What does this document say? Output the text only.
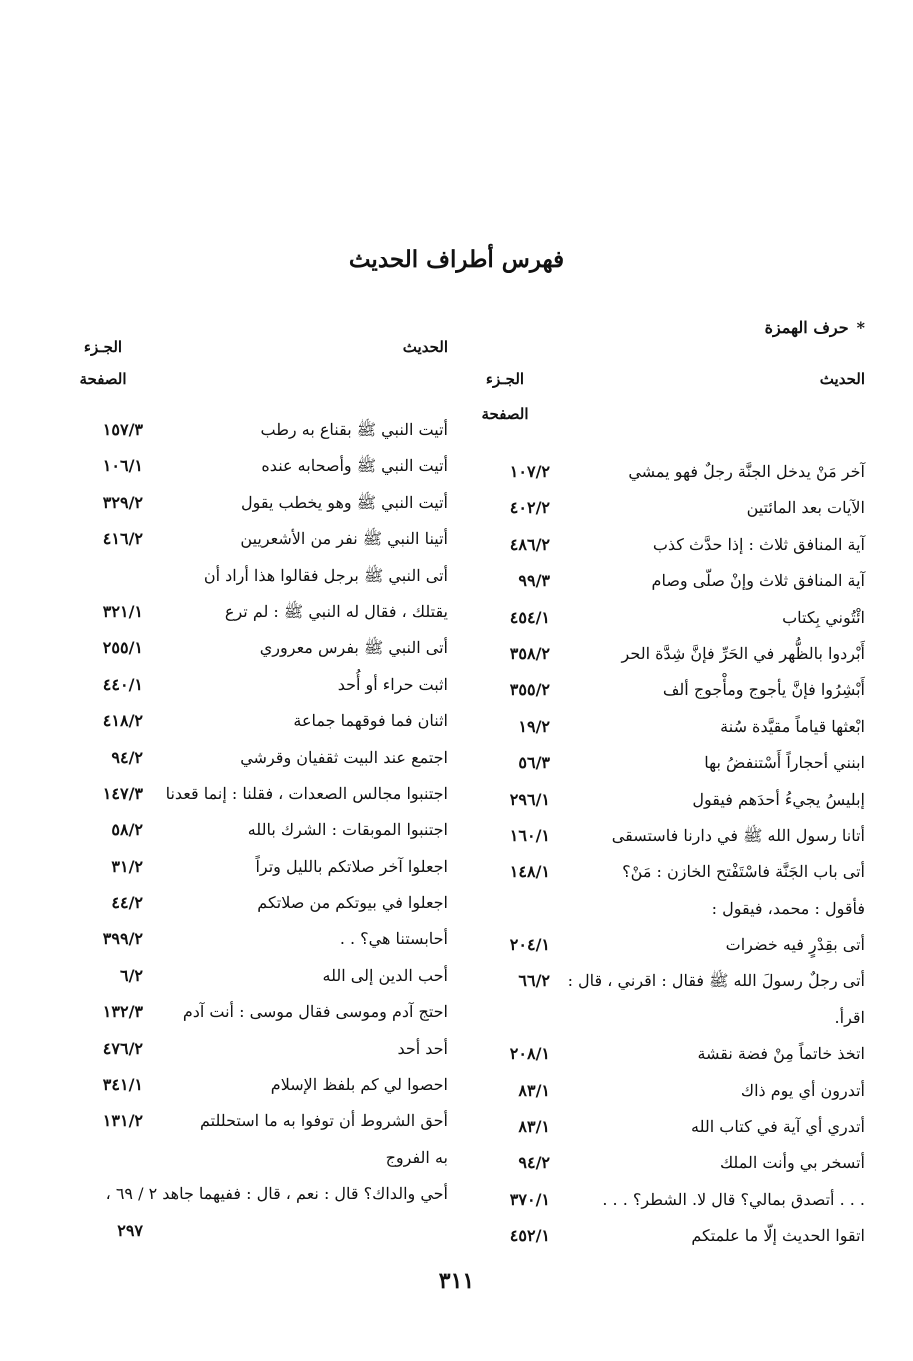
فهرس أطراف الحديث
*حرف الهمزة
الحديث
الجـزء
الصفحة
آخر مَنْ يدخل الجنَّة رجلٌ فهو يمشي
١٠٧/٢
الآيات بعد المائتين
٤٠٢/٢
آية المنافق ثلاث : إذا حدَّث كذب
٤٨٦/٢
آية المنافق ثلاث وإنْ صلّى وصام
٩٩/٣
ائْتُوني بِكتاب
٤٥٤/١
أَبْردوا بالظُّهر في الحَرِّ فإنَّ شِدَّة الحر
٣٥٨/٢
أَبْشِرُوا فإنَّ يأجوج ومأْجوج ألف
٣٥٥/٢
ابْعثها قياماً مقيَّدة سُنة
١٩/٢
ابنني أحجاراً أَسْتنفضُ بها
٥٦/٣
إبليسُ يجيءُ أحدَهم فيقول
٢٩٦/١
أتانا رسول الله ﷺ في دارنا فاستسقى
١٦٠/١
أتى باب الجَنَّة فاسْتَفْتح الخازن : مَنْ؟
١٤٨/١
فأقول : محمد، فيقول :
أتى بقِدْرٍ فيه خضرات
٢٠٤/١
أتى رجلٌ رسولَ الله ﷺ فقال : اقرني ، قال :
٦٦/٢
اقرأ.
اتخذ خاتماً مِنْ فضة نقشة
٢٠٨/١
أتدرون أي يوم ذاك
٨٣/١
أتدري أي آية في كتاب الله
٨٣/١
أتسخر بي وأنت الملك
٩٤/٢
. . . أتصدق بمالي؟ قال لا. الشطر؟ . . .
٣٧٠/١
اتقوا الحديث إلّا ما علمتكم
٤٥٢/١
الحديث
الجـزء
الصفحة
أتيت النبي ﷺ بقناع به رطب
١٥٧/٣
أتيت النبي ﷺ وأصحابه عنده
١٠٦/١
أتيت النبي ﷺ وهو يخطب يقول
٣٢٩/٢
أتينا النبي ﷺ نفر من الأشعريين
٤١٦/٢
أتى النبي ﷺ برجل فقالوا هذا أراد أن
يقتلك ، فقال له النبي ﷺ : لم ترع
٣٢١/١
أتى النبي ﷺ بفرس معروري
٢٥٥/١
اثبت حراء أو أُحد
٤٤٠/١
اثنان فما فوقهما جماعة
٤١٨/٢
اجتمع عند البيت ثقفيان وقرشي
٩٤/٢
اجتنبوا مجالس الصعدات ، فقلنا : إنما قعدنا
١٤٧/٣
اجتنبوا الموبقات : الشرك بالله
٥٨/٢
اجعلوا آخر صلاتكم بالليل وتراً
٣١/٢
اجعلوا في بيوتكم من صلاتكم
٤٤/٢
أحابستنا هي؟ . .
٣٩٩/٢
أحب الدين إلى الله
٦/٢
احتج آدم وموسى فقال موسى : أنت آدم
١٣٢/٣
أحد أحد
٤٧٦/٢
احصوا لي كم بلفظ الإسلام
٣٤١/١
أحق الشروط أن توفوا به ما استحللتم
١٣١/٢
به الفروج
أحي والداك؟ قال : نعم ، قال : ففيهما جاهد ٢ / ٦٩ ،
٢٩٧
٣١١
